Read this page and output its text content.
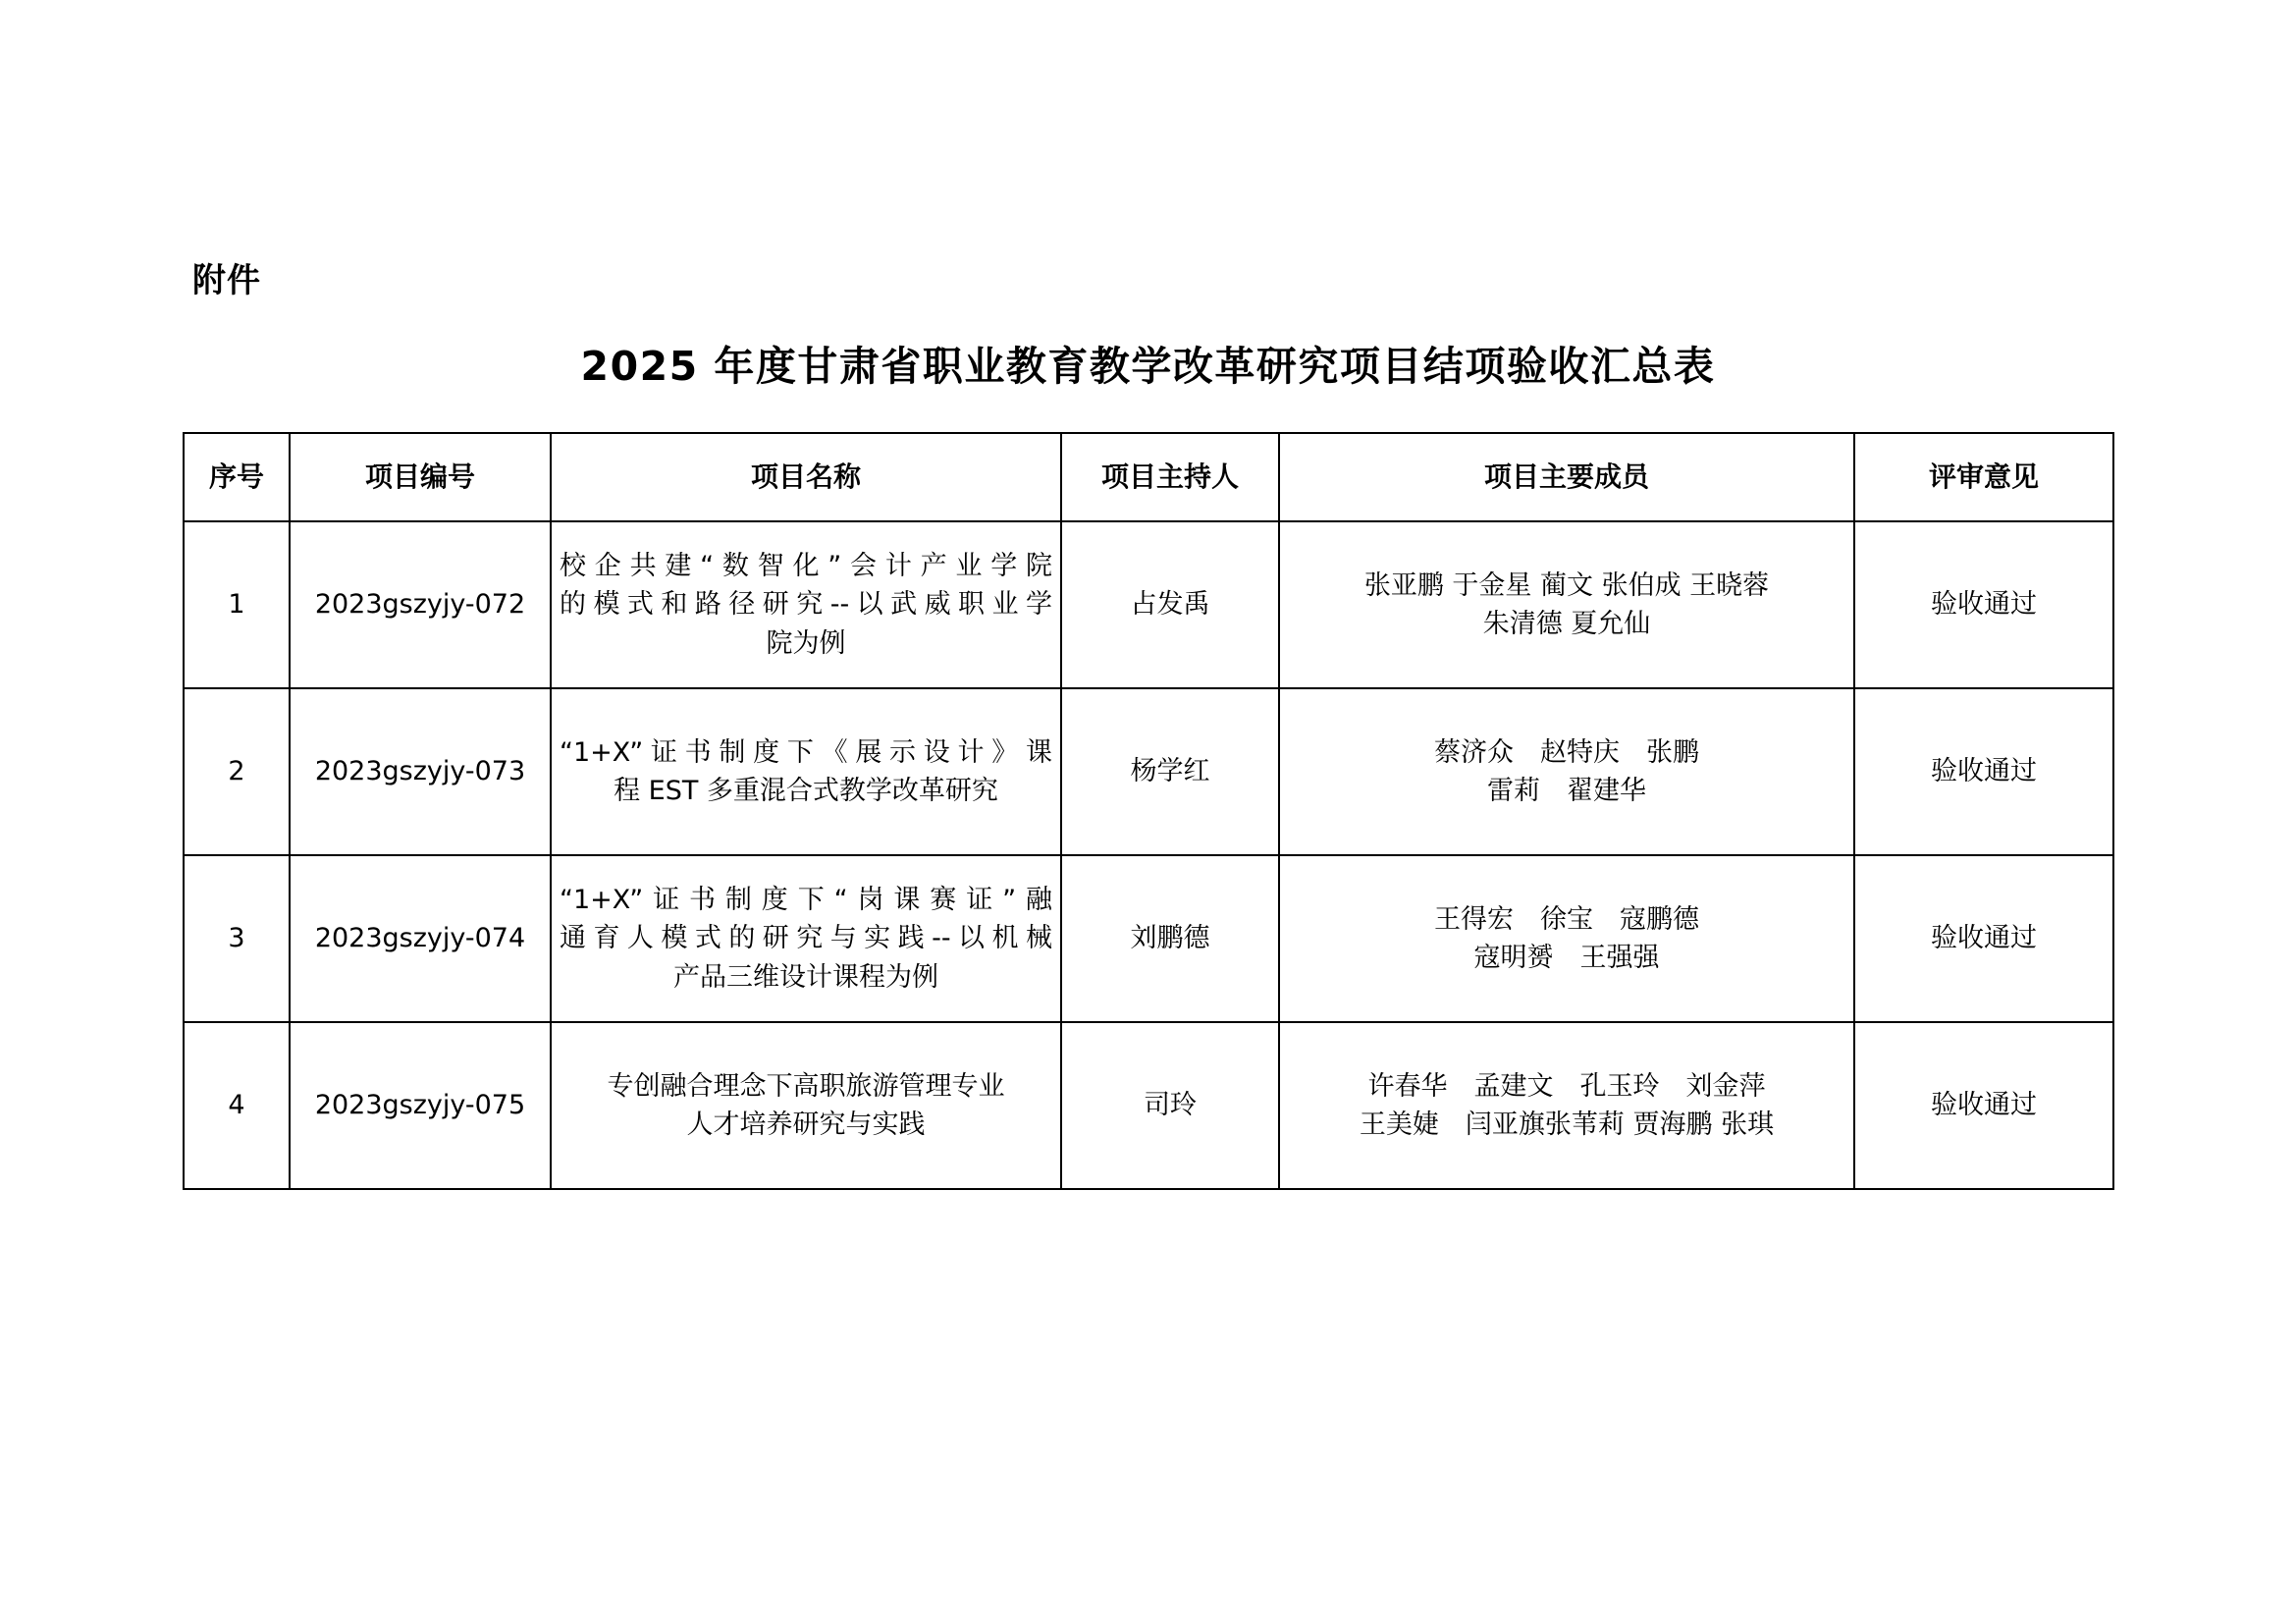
附件
2025 年度甘肃省职业教育教学改革研究项目结项验收汇总表
序号	项目编号	项目名称	项目主持人	项目主要成员	评审意见
1	2023gszyjy-072	校企共建“数智化”会计产业学院
的模式和路径研究--以武威职业学
院为例	占发禹	张亚鹏 于金星 蔺文 张伯成 王晓蓉
朱清德 夏允仙	验收通过
2	2023gszyjy-073	“1+X”证书制度下《展示设计》课
程 EST 多重混合式教学改革研究	杨学红	蔡济众　赵特庆　张鹏
雷莉　翟建华	验收通过
3	2023gszyjy-074	“1+X”证书制度下“岗课赛证”融
通育人模式的研究与实践--以机械
产品三维设计课程为例	刘鹏德	王得宏　徐宝　寇鹏德
寇明赟　王强强	验收通过
4	2023gszyjy-075	专创融合理念下高职旅游管理专业
人才培养研究与实践	司玲	许春华　孟建文　孔玉玲　刘金萍
王美婕　闫亚旗张苇莉 贾海鹏 张琪	验收通过
